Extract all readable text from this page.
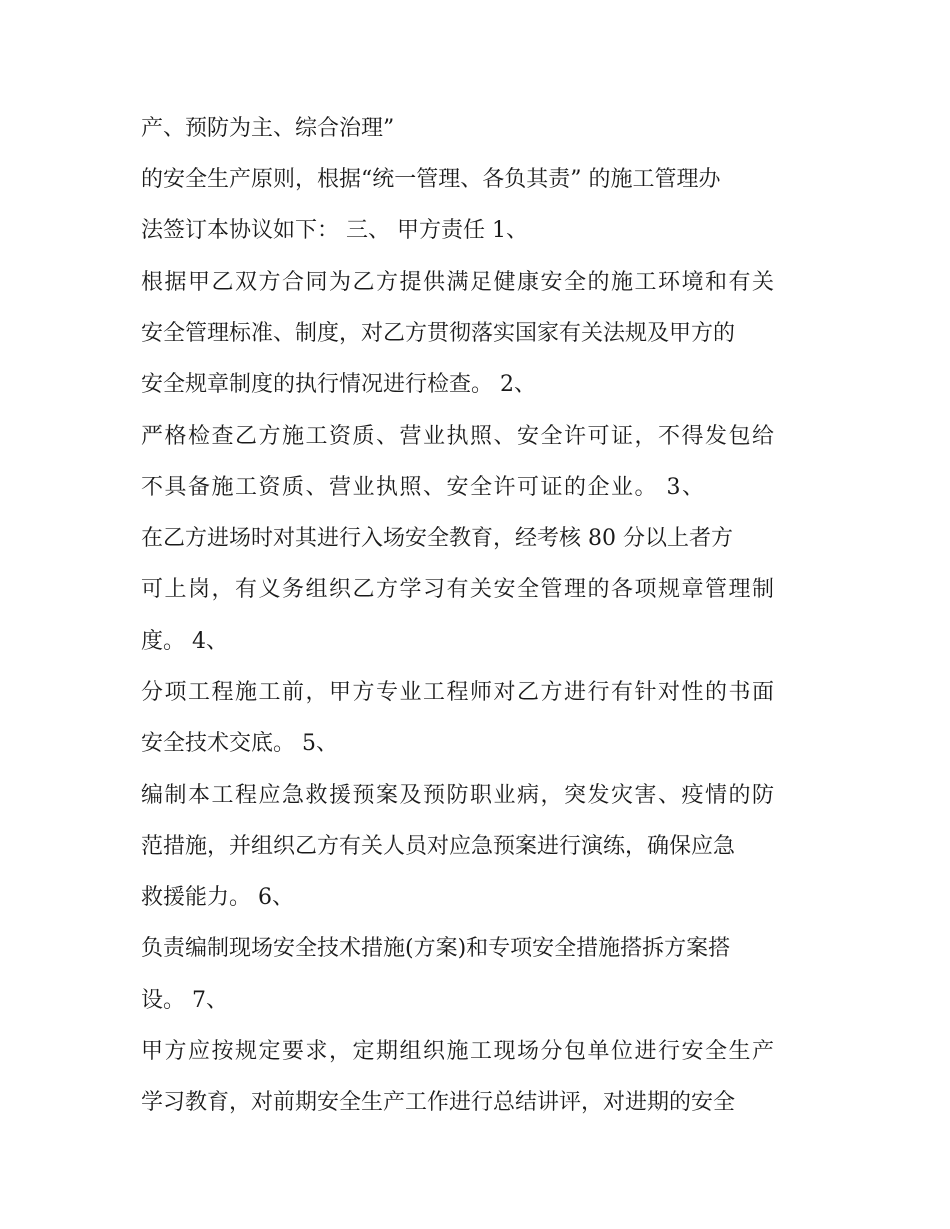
产、预防为主、综合治理”
的安全生产原则，根据“统一管理、各负其责” 的施工管理办
法签订本协议如下： 三、 甲方责任 1、
根据甲乙双方合同为乙方提供满足健康安全的施工环境和有关
安全管理标准、制度，对乙方贯彻落实国家有关法规及甲方的
安全规章制度的执行情况进行检查。 2、
严格检查乙方施工资质、营业执照、安全许可证，不得发包给
不具备施工资质、营业执照、安全许可证的企业。 3、
在乙方进场时对其进行入场安全教育，经考核 80 分以上者方
可上岗，有义务组织乙方学习有关安全管理的各项规章管理制
度。 4、
分项工程施工前，甲方专业工程师对乙方进行有针对性的书面
安全技术交底。 5、
编制本工程应急救援预案及预防职业病，突发灾害、疫情的防
范措施，并组织乙方有关人员对应急预案进行演练，确保应急
救援能力。 6、
负责编制现场安全技术措施(方案)和专项安全措施搭拆方案搭
设。 7、
甲方应按规定要求，定期组织施工现场分包单位进行安全生产
学习教育，对前期安全生产工作进行总结讲评，对进期的安全
